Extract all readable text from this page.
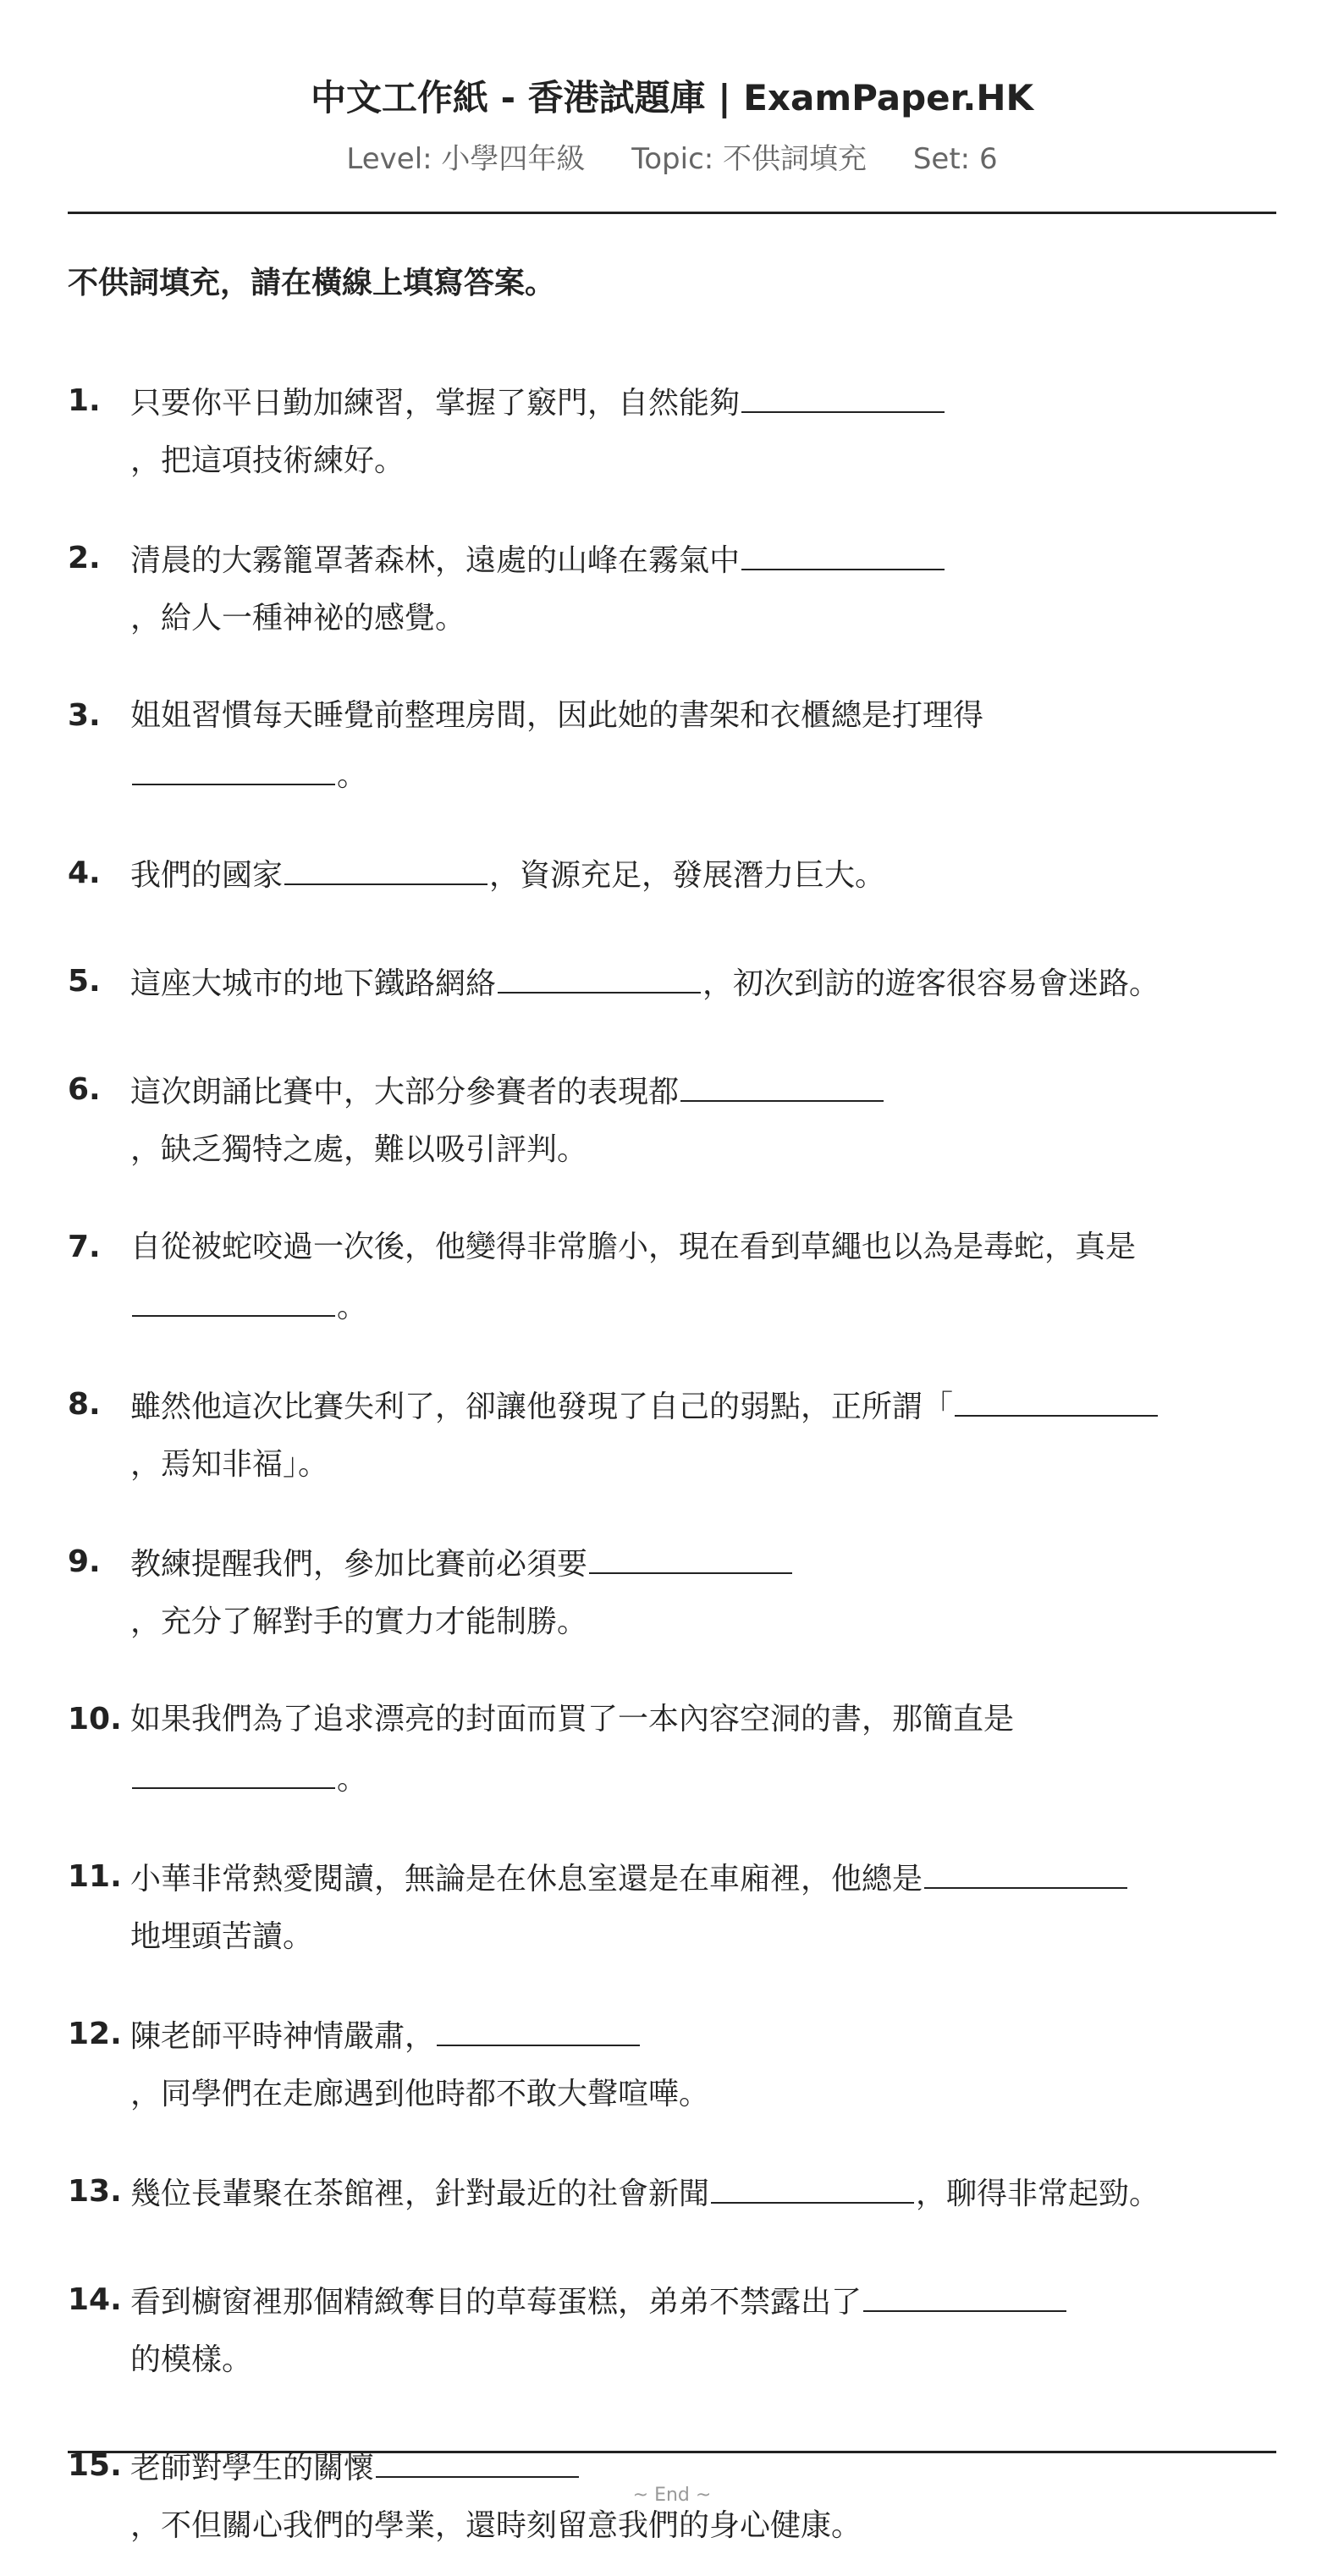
中文工作紙 - 香港試題庫 | ExamPaper.HK
Level: 小學四年級 Topic: 不供詞填充 Set: 6
不供詞填充，請在橫線上填寫答案。
1. 只要你平日勤加練習，掌握了竅門，自然能夠
，把這項技術練好。
2. 清晨的大霧籠罩著森林，遠處的山峰在霧氣中
，給人一種神祕的感覺。
3. 姐姐習慣每天睡覺前整理房間，因此她的書架和衣櫃總是打理得
。
4. 我們的國家	，資源充足，發展潛力巨大。
5. 這座大城市的地下鐵路網絡	，初次到訪的遊客很容易會迷路。
6. 這次朗誦比賽中，大部分參賽者的表現都
，缺乏獨特之處，難以吸引評判。
7. 自從被蛇咬過一次後，他變得非常膽小，現在看到草繩也以為是毒蛇，真是
。
8. 雖然他這次比賽失利了，卻讓他發現了自己的弱點，正所謂「
，焉知非福」。
9. 教練提醒我們，參加比賽前必須要
，充分了解對手的實力才能制勝。
10. 如果我們為了追求漂亮的封面而買了一本內容空洞的書，那簡直是
。
11. 小華非常熱愛閱讀，無論是在休息室還是在車廂裡，他總是
地埋頭苦讀。
12. 陳老師平時神情嚴肅，
，同學們在走廊遇到他時都不敢大聲喧嘩。
13. 幾位長輩聚在茶館裡，針對最近的社會新聞	，聊得非常起勁。
14. 看到櫥窗裡那個精緻奪目的草莓蛋糕，弟弟不禁露出了
的模樣。
15. 老師對學生的關懷
，不但關心我們的學業，還時刻留意我們的身心健康。
~ End ~
